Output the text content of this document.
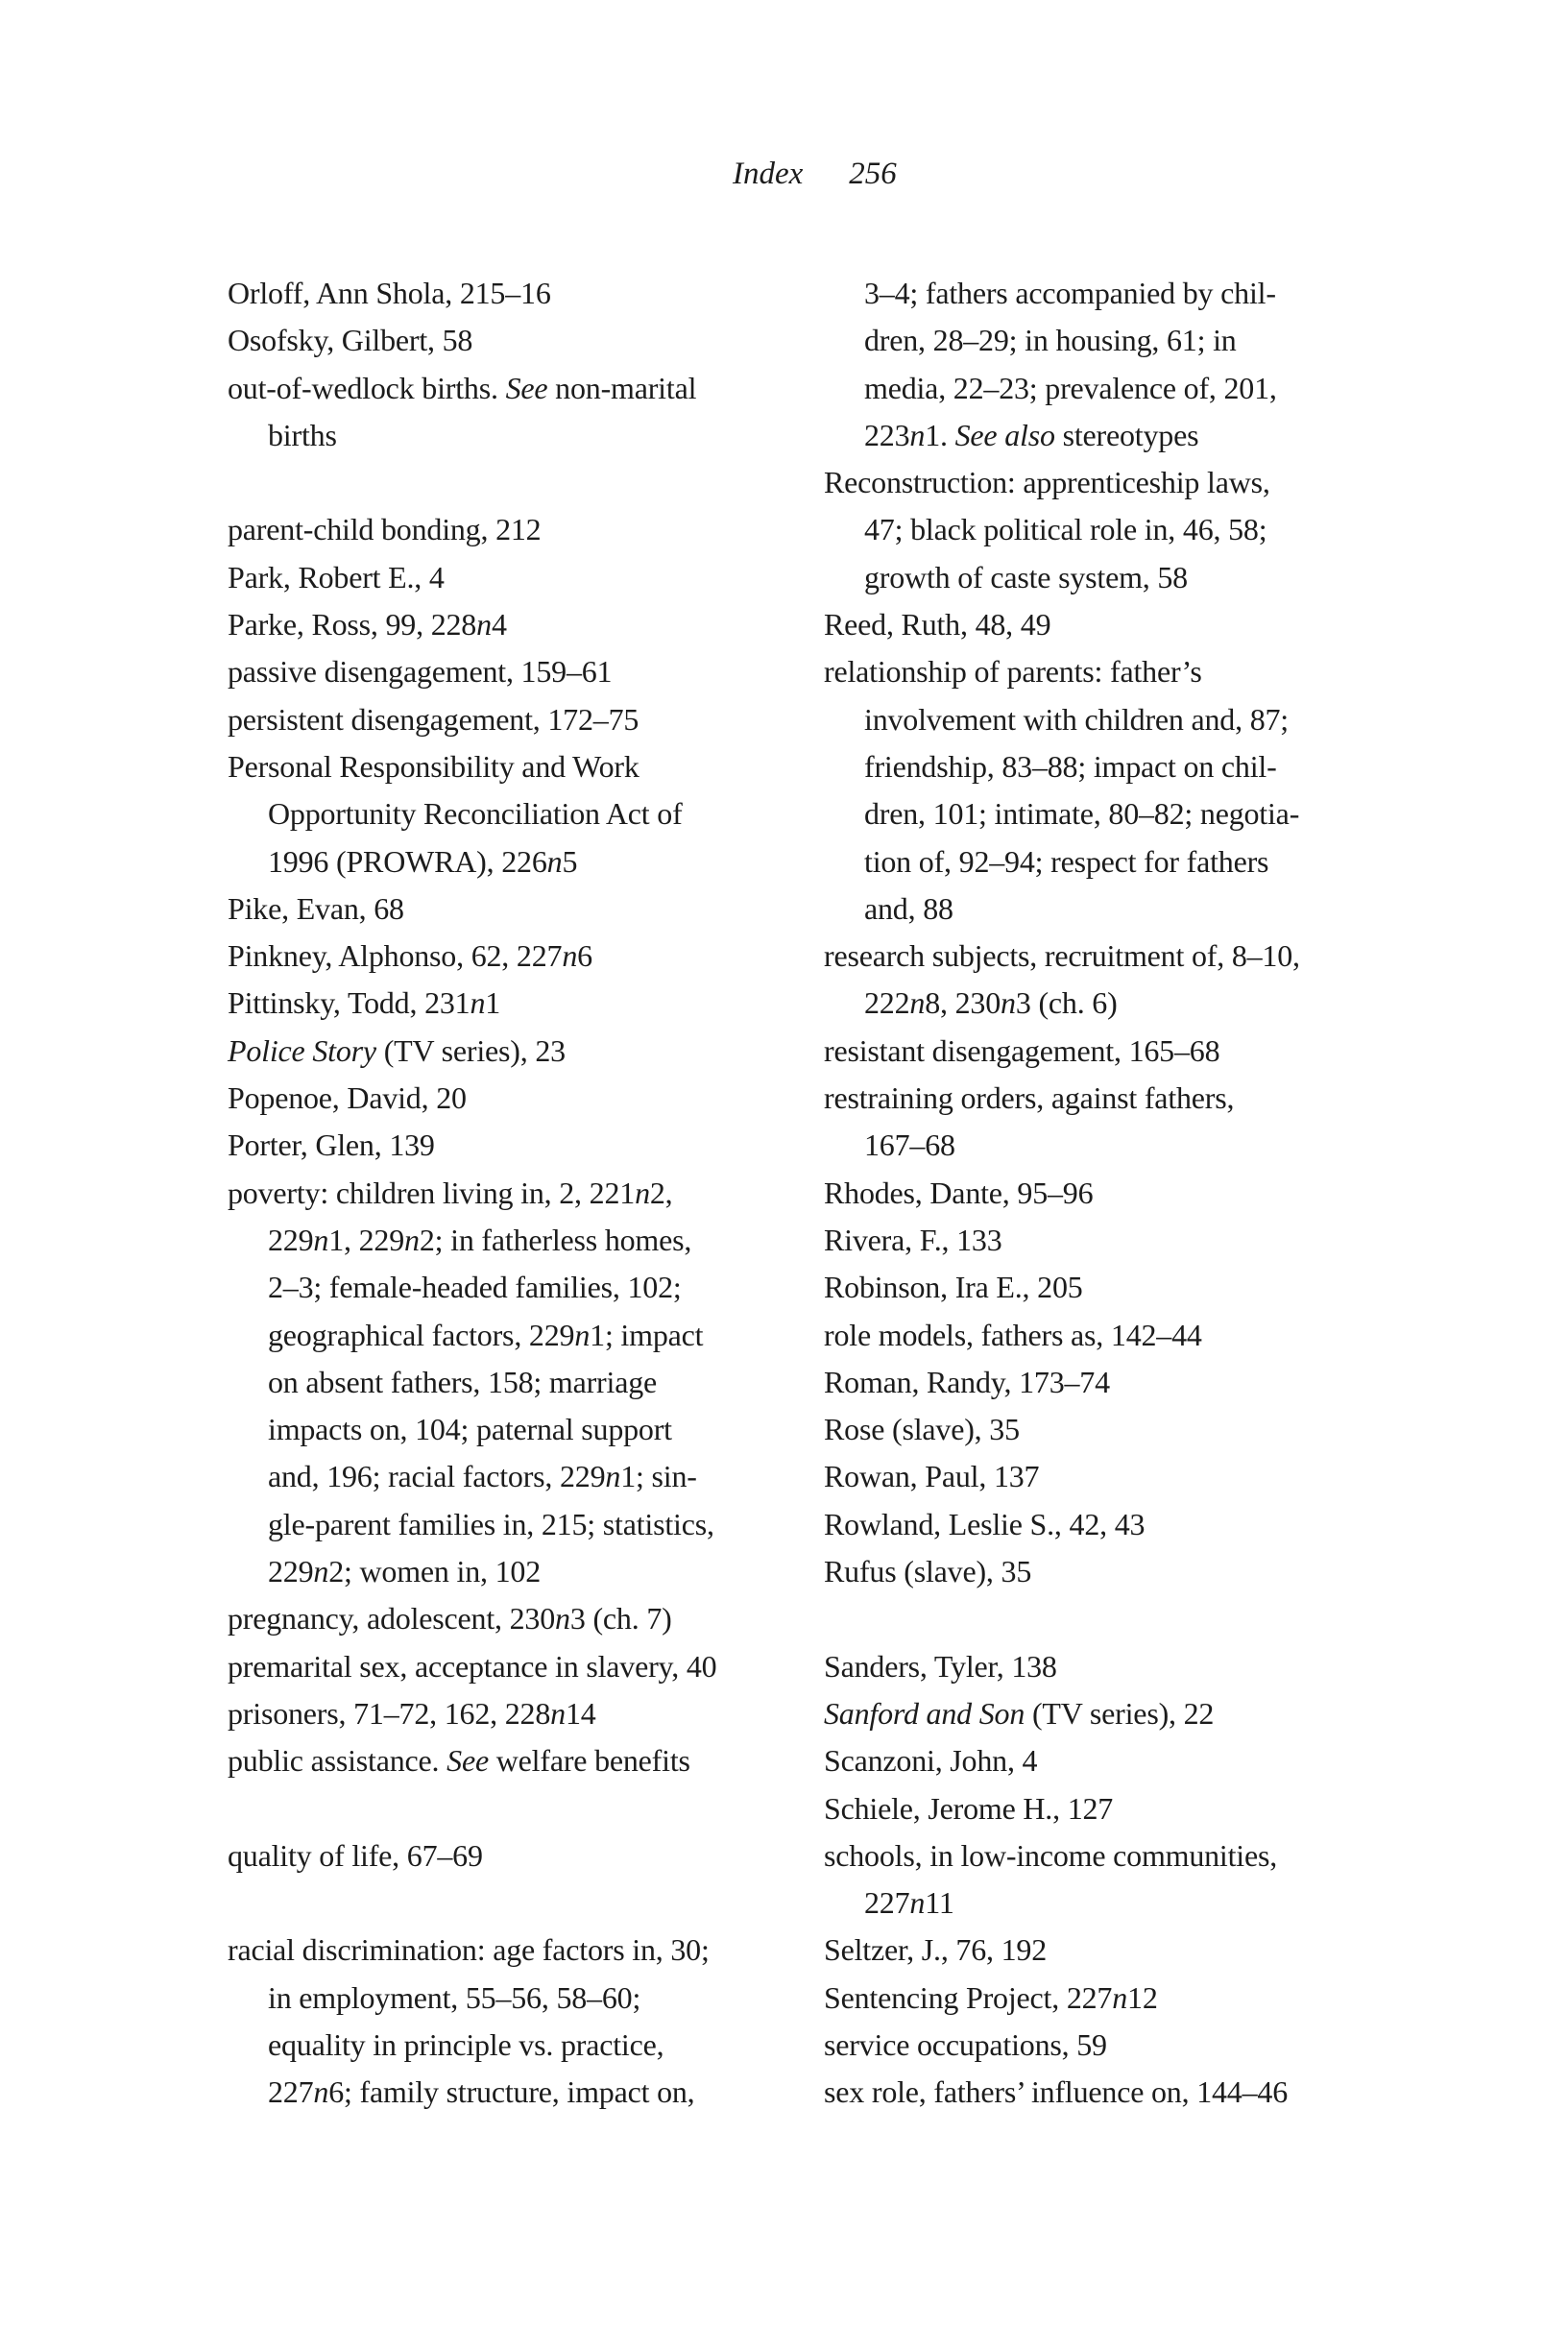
Index 256
Orloff, Ann Shola, 215–16
Osofsky, Gilbert, 58
out-of-wedlock births. See non-marital
births
parent-child bonding, 212
Park, Robert E., 4
Parke, Ross, 99, 228n4
passive disengagement, 159–61
persistent disengagement, 172–75
Personal Responsibility and Work
Opportunity Reconciliation Act of
1996 (PROWRA), 226n5
Pike, Evan, 68
Pinkney, Alphonso, 62, 227n6
Pittinsky, Todd, 231n1
Police Story (TV series), 23
Popenoe, David, 20
Porter, Glen, 139
poverty: children living in, 2, 221n2,
229n1, 229n2; in fatherless homes,
2–3; female-headed families, 102;
geographical factors, 229n1; impact
on absent fathers, 158; marriage
impacts on, 104; paternal support
and, 196; racial factors, 229n1; sin-
gle-parent families in, 215; statistics,
229n2; women in, 102
pregnancy, adolescent, 230n3 (ch. 7)
premarital sex, acceptance in slavery, 40
prisoners, 71–72, 162, 228n14
public assistance. See welfare benefits
quality of life, 67–69
racial discrimination: age factors in, 30;
in employment, 55–56, 58–60;
equality in principle vs. practice,
227n6; family structure, impact on,
3–4; fathers accompanied by chil-
dren, 28–29; in housing, 61; in
media, 22–23; prevalence of, 201,
223n1. See also stereotypes
Reconstruction: apprenticeship laws,
47; black political role in, 46, 58;
growth of caste system, 58
Reed, Ruth, 48, 49
relationship of parents: father’s
involvement with children and, 87;
friendship, 83–88; impact on chil-
dren, 101; intimate, 80–82; negotia-
tion of, 92–94; respect for fathers
and, 88
research subjects, recruitment of, 8–10,
222n8, 230n3 (ch. 6)
resistant disengagement, 165–68
restraining orders, against fathers,
167–68
Rhodes, Dante, 95–96
Rivera, F., 133
Robinson, Ira E., 205
role models, fathers as, 142–44
Roman, Randy, 173–74
Rose (slave), 35
Rowan, Paul, 137
Rowland, Leslie S., 42, 43
Rufus (slave), 35
Sanders, Tyler, 138
Sanford and Son (TV series), 22
Scanzoni, John, 4
Schiele, Jerome H., 127
schools, in low-income communities,
227n11
Seltzer, J., 76, 192
Sentencing Project, 227n12
service occupations, 59
sex role, fathers’ influence on, 144–46
